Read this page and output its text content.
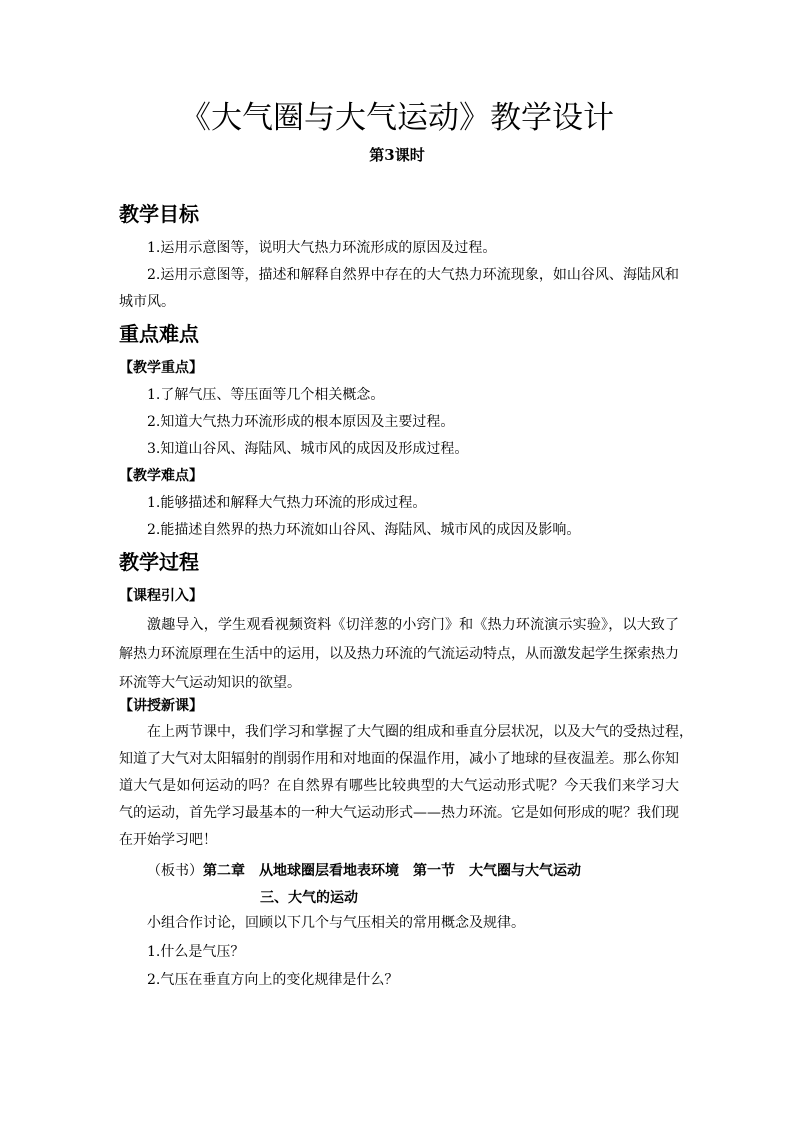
《大气圈与大气运动》教学设计
第3课时
教学目标
1.运用示意图等，说明大气热力环流形成的原因及过程。
2.运用示意图等，描述和解释自然界中存在的大气热力环流现象，如山谷风、海陆风和
城市风。
重点难点
【教学重点】
1.了解气压、等压面等几个相关概念。
2.知道大气热力环流形成的根本原因及主要过程。
3.知道山谷风、海陆风、城市风的成因及形成过程。
【教学难点】
1.能够描述和解释大气热力环流的形成过程。
2.能描述自然界的热力环流如山谷风、海陆风、城市风的成因及影响。
教学过程
【课程引入】
激趣导入，学生观看视频资料《切洋葱的小窍门》和《热力环流演示实验》，以大致了
解热力环流原理在生活中的运用，以及热力环流的气流运动特点，从而激发起学生探索热力
环流等大气运动知识的欲望。
【讲授新课】
在上两节课中，我们学习和掌握了大气圈的组成和垂直分层状况，以及大气的受热过程，
知道了大气对太阳辐射的削弱作用和对地面的保温作用，减小了地球的昼夜温差。那么你知
道大气是如何运动的吗？在自然界有哪些比较典型的大气运动形式呢？今天我们来学习大
气的运动，首先学习最基本的一种大气运动形式——热力环流。它是如何形成的呢？我们现
在开始学习吧！
（板书）第二章　从地球圈层看地表环境　第一节　大气圈与大气运动
三、大气的运动
小组合作讨论，回顾以下几个与气压相关的常用概念及规律。
1.什么是气压？
2.气压在垂直方向上的变化规律是什么？
